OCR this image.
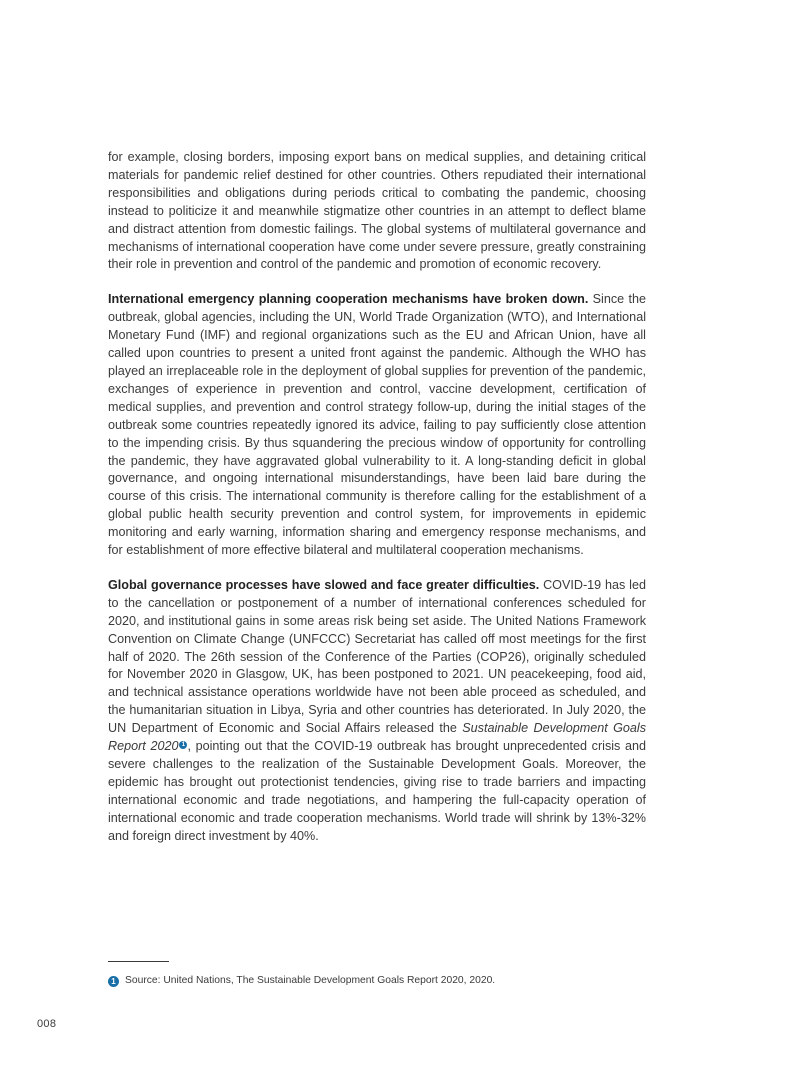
for example, closing borders, imposing export bans on medical supplies, and detaining critical materials for pandemic relief destined for other countries. Others repudiated their international responsibilities and obligations during periods critical to combating the pandemic, choosing instead to politicize it and meanwhile stigmatize other countries in an attempt to deflect blame and distract attention from domestic failings. The global systems of multilateral governance and mechanisms of international cooperation have come under severe pressure, greatly constraining their role in prevention and control of the pandemic and promotion of economic recovery.

International emergency planning cooperation mechanisms have broken down. Since the outbreak, global agencies, including the UN, World Trade Organization (WTO), and International Monetary Fund (IMF) and regional organizations such as the EU and African Union, have all called upon countries to present a united front against the pandemic. Although the WHO has played an irreplaceable role in the deployment of global supplies for prevention of the pandemic, exchanges of experience in prevention and control, vaccine development, certification of medical supplies, and prevention and control strategy follow-up, during the initial stages of the outbreak some countries repeatedly ignored its advice, failing to pay sufficiently close attention to the impending crisis. By thus squandering the precious window of opportunity for controlling the pandemic, they have aggravated global vulnerability to it. A long-standing deficit in global governance, and ongoing international misunderstandings, have been laid bare during the course of this crisis. The international community is therefore calling for the establishment of a global public health security prevention and control system, for improvements in epidemic monitoring and early warning, information sharing and emergency response mechanisms, and for establishment of more effective bilateral and multilateral cooperation mechanisms.

Global governance processes have slowed and face greater difficulties. COVID-19 has led to the cancellation or postponement of a number of international conferences scheduled for 2020, and institutional gains in some areas risk being set aside. The United Nations Framework Convention on Climate Change (UNFCCC) Secretariat has called off most meetings for the first half of 2020. The 26th session of the Conference of the Parties (COP26), originally scheduled for November 2020 in Glasgow, UK, has been postponed to 2021. UN peacekeeping, food aid, and technical assistance operations worldwide have not been able proceed as scheduled, and the humanitarian situation in Libya, Syria and other countries has deteriorated. In July 2020, the UN Department of Economic and Social Affairs released the Sustainable Development Goals Report 2020 1 , pointing out that the COVID-19 outbreak has brought unprecedented crisis and severe challenges to the realization of the Sustainable Development Goals. Moreover, the epidemic has brought out protectionist tendencies, giving rise to trade barriers and impacting international economic and trade negotiations, and hampering the full-capacity operation of international economic and trade cooperation mechanisms. World trade will shrink by 13%-32% and foreign direct investment by 40%.

1 Source: United Nations, The Sustainable Development Goals Report 2020, 2020.
008
